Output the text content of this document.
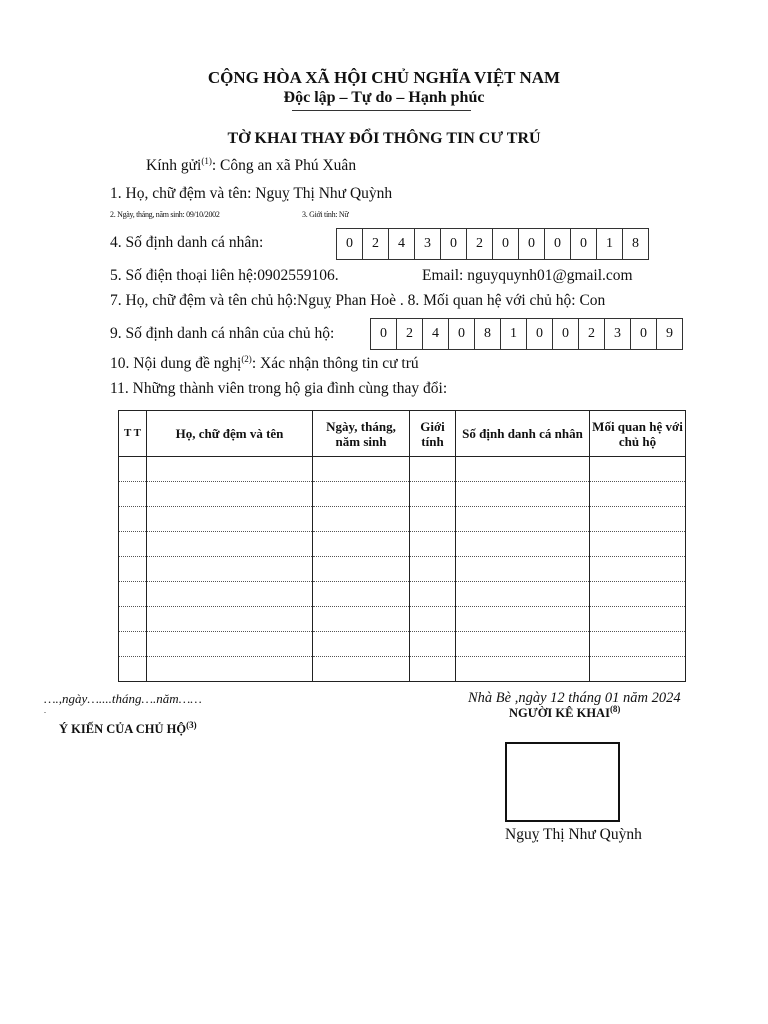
CỘNG HÒA XÃ HỘI CHỦ NGHĨA VIỆT NAM
Độc lập – Tự do – Hạnh phúc
TỜ KHAI THAY ĐỔI THÔNG TIN CƯ TRÚ
Kính gửi$^{(1)}$: Công an xã Phú Xuân
1. Họ, chữ đệm và tên: Nguỵ Thị Như Quỳnh
2. Ngày, tháng, năm sinh: 09/10/2002	3. Giới tính: Nữ
4. Số định danh cá nhân:	0	2	4	3	0	2	0	0	0	0	1	8
5. Số điện thoại liên hệ:0902559106.	Email: nguyquynh01@gmail.com
7. Họ, chữ đệm và tên chủ hộ:Nguỵ Phan Hoè . 8. Mối quan hệ với chủ hộ: Con
9. Số định danh cá nhân của chủ hộ:	0	2	4	0	8	1	0	0	2	3	0	9
10. Nội dung đề nghị$^{(2)}$: Xác nhận thông tin cư trú
11. Những thành viên trong hộ gia đình cùng thay đổi:
T T	Họ, chữ đệm và tên	Ngày, tháng, năm sinh	Giới tính	Số định danh cá nhân	Mối quan hệ với chủ hộ

….,ngày…....tháng….năm……
.
Ý KIẾN CỦA CHỦ HỘ$^{(3)}$
Nhà Bè ,ngày 12 tháng 01 năm 2024
NGƯỜI KÊ KHAI$^{(8)}$
Nguỵ Thị Như Quỳnh
